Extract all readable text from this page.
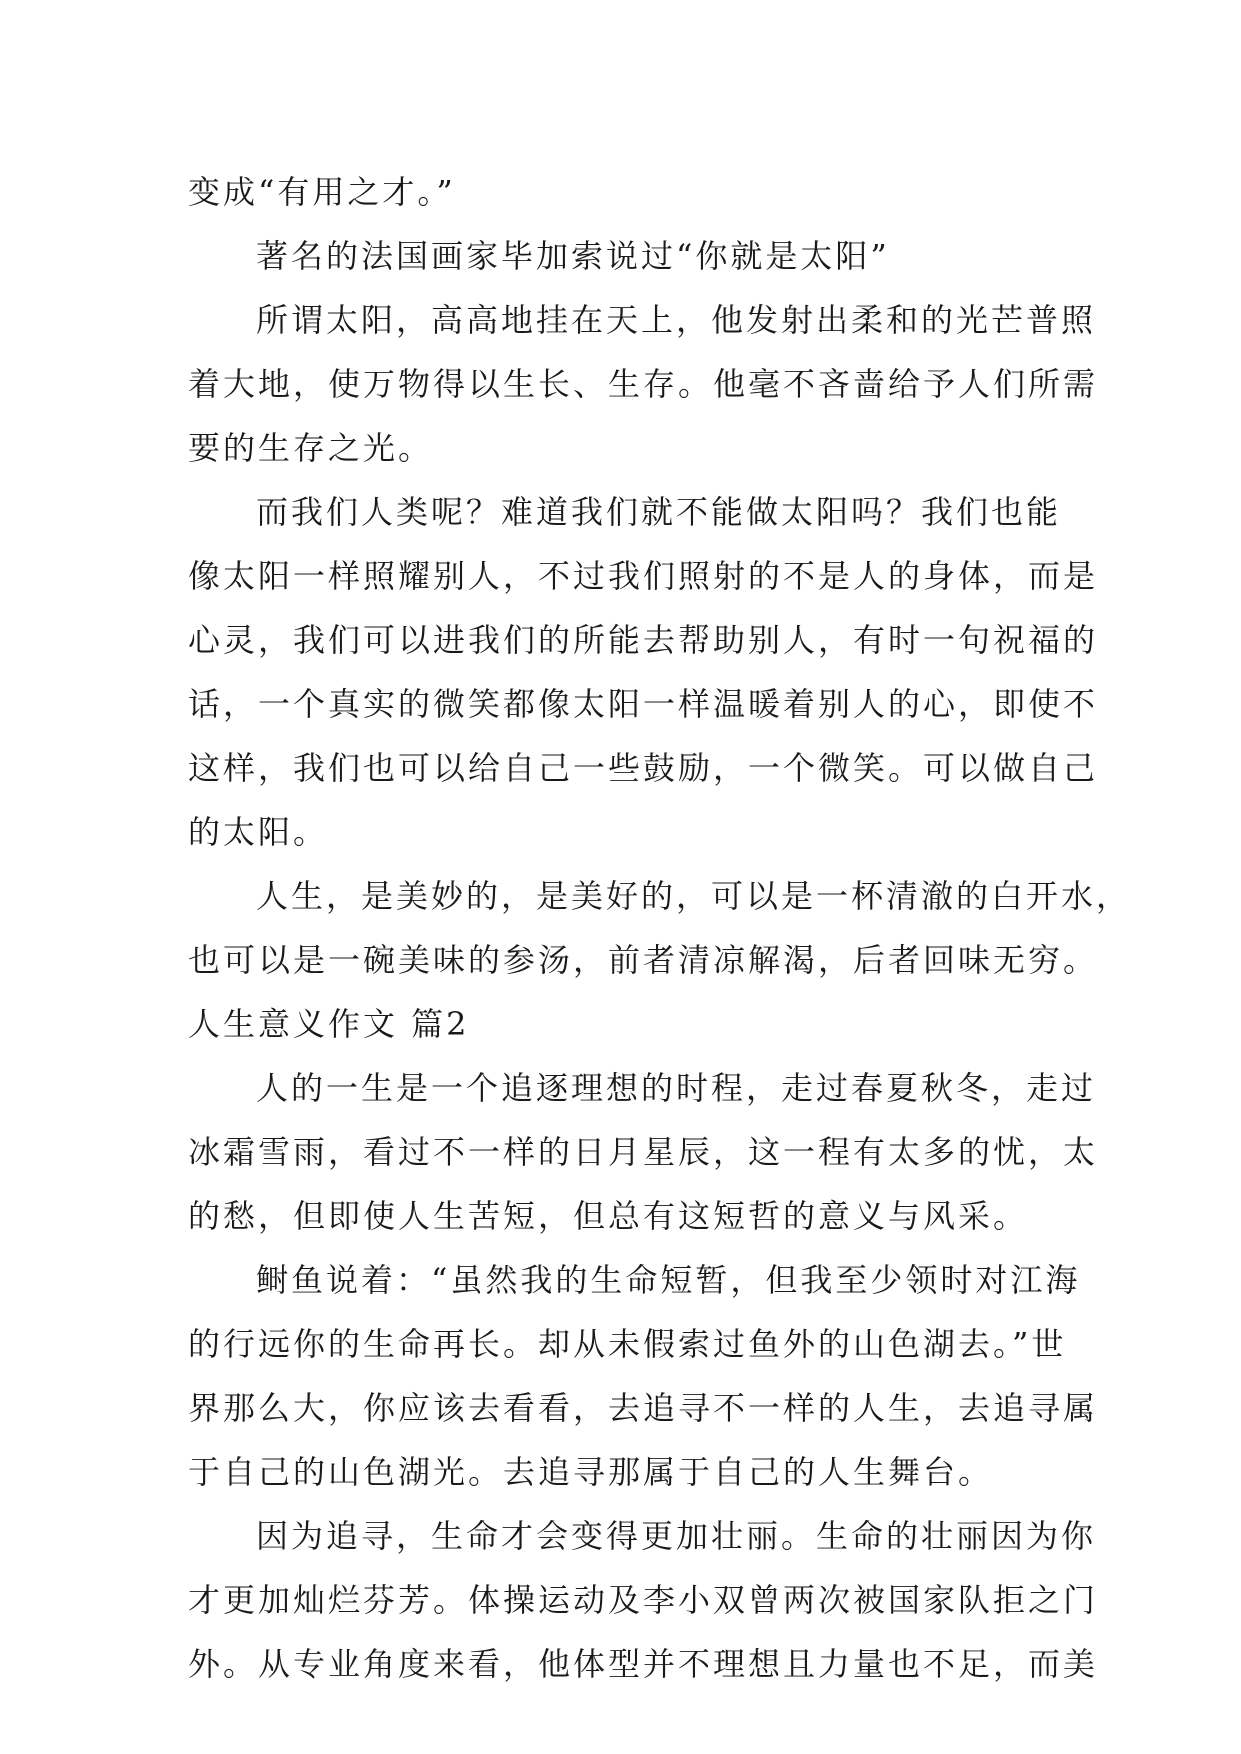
变成“有用之才。”
著名的法国画家毕加索说过“你就是太阳”
所谓太阳，高高地挂在天上，他发射出柔和的光芒普照
着大地，使万物得以生长、生存。他毫不吝啬给予人们所需
要的生存之光。
而我们人类呢？难道我们就不能做太阳吗？我们也能
像太阳一样照耀别人，不过我们照射的不是人的身体，而是
心灵，我们可以进我们的所能去帮助别人，有时一句祝福的
话，一个真实的微笑都像太阳一样温暖着别人的心，即使不
这样，我们也可以给自己一些鼓励，一个微笑。可以做自己
的太阳。
人生，是美妙的，是美好的，可以是一杯清澈的白开水，
也可以是一碗美味的参汤，前者清凉解渴，后者回味无穷。
人生意义作文 篇2
人的一生是一个追逐理想的时程，走过春夏秋冬，走过
冰霜雪雨，看过不一样的日月星辰，这一程有太多的忧，太
的愁，但即使人生苦短，但总有这短哲的意义与风采。
鲥鱼说着：“虽然我的生命短暂，但我至少领时对江海
的行远你的生命再长。却从未假索过鱼外的山色湖去。”世
界那么大，你应该去看看，去追寻不一样的人生，去追寻属
于自己的山色湖光。去追寻那属于自己的人生舞台。
因为追寻，生命才会变得更加壮丽。生命的壮丽因为你
才更加灿烂芬芳。体操运动及李小双曾两次被国家队拒之门
外。从专业角度来看，他体型并不理想且力量也不足，而美
